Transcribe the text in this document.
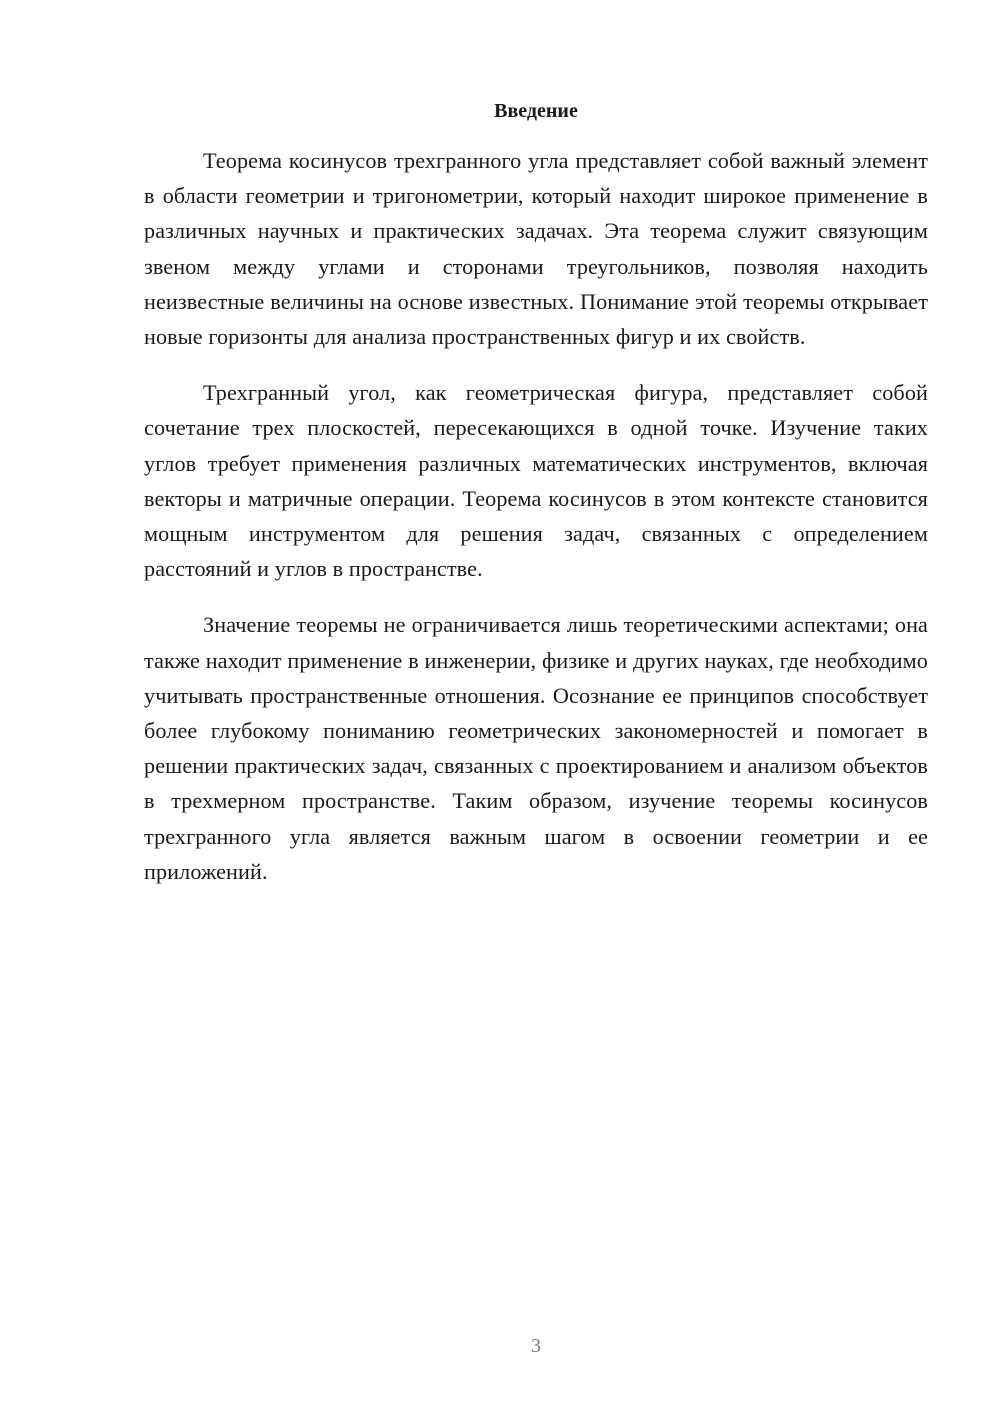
Введение

Теорема косинусов трехгранного угла представляет собой важный элемент в области геометрии и тригонометрии, который находит широкое применение в различных научных и практических задачах. Эта теорема служит связующим звеном между углами и сторонами треугольников, позволяя находить неизвестные величины на основе известных. Понимание этой теоремы открывает новые горизонты для анализа пространственных фигур и их свойств.

Трехгранный угол, как геометрическая фигура, представляет собой сочетание трех плоскостей, пересекающихся в одной точке. Изучение таких углов требует применения различных математических инструментов, включая векторы и матричные операции. Теорема косинусов в этом контексте становится мощным инструментом для решения задач, связанных с определением расстояний и углов в пространстве.

Значение теоремы не ограничивается лишь теоретическими аспектами; она также находит применение в инженерии, физике и других науках, где необходимо учитывать пространственные отношения. Осознание ее принципов способствует более глубокому пониманию геометрических закономерностей и помогает в решении практических задач, связанных с проектированием и анализом объектов в трехмерном пространстве. Таким образом, изучение теоремы косинусов трехгранного угла является важным шагом в освоении геометрии и ее приложений.

3
